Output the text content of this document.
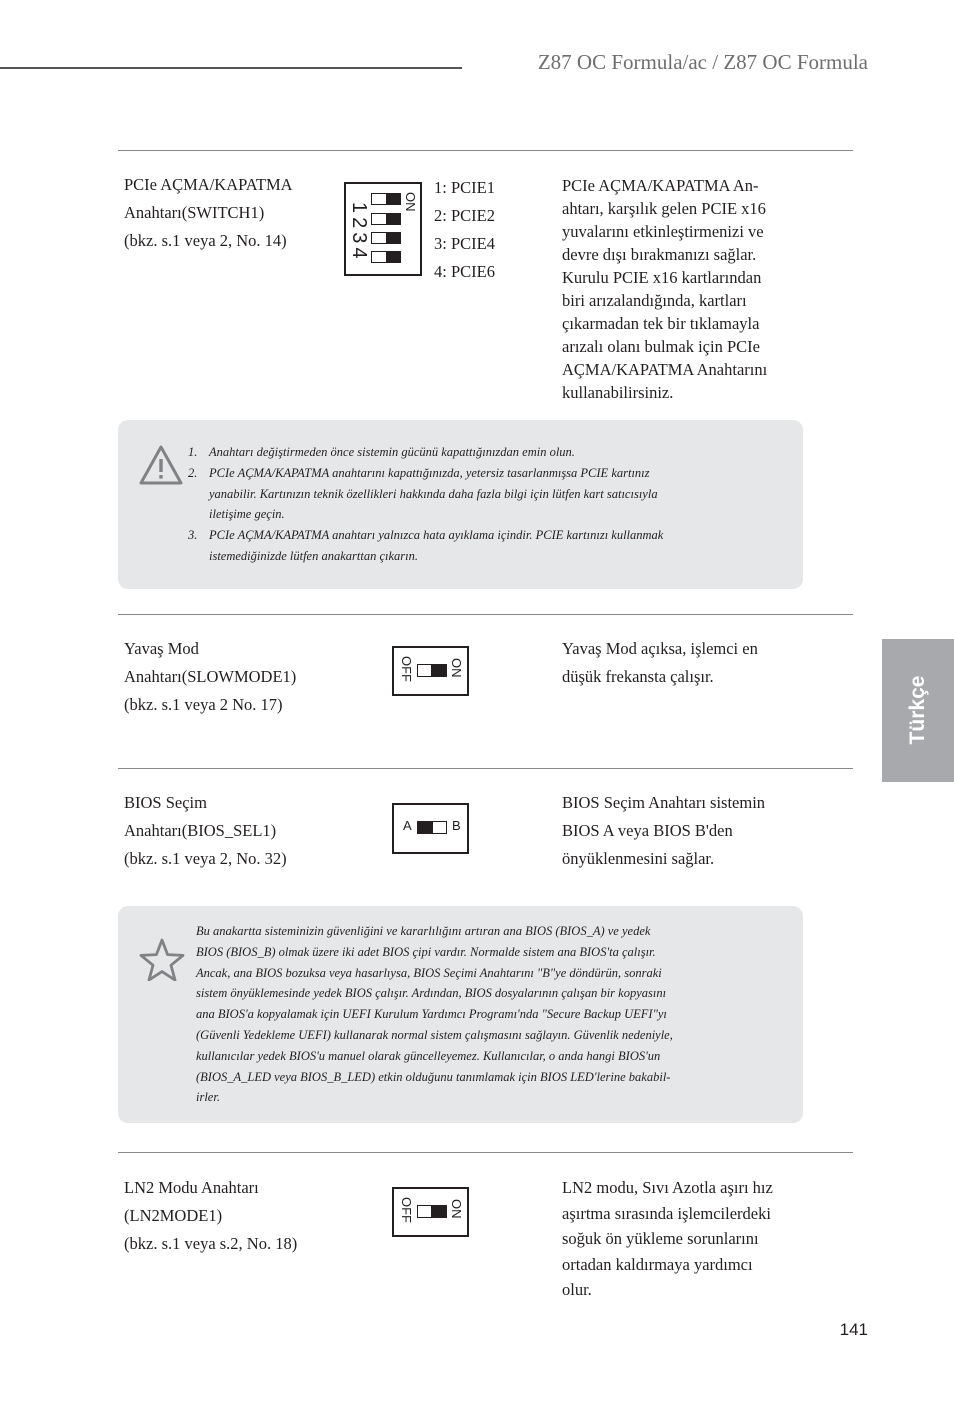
Z87 OC Formula/ac / Z87 OC Formula
PCIe AÇMA/KAPATMA
Anahtarı(SWITCH1)
(bkz. s.1 veya 2, No. 14)
1234
ON
1: PCIE1
2: PCIE2
3: PCIE4
4: PCIE6
PCIe AÇMA/KAPATMA An-
ahtarı, karşılık gelen PCIE x16
yuvalarını etkinleştirmenizi ve
devre dışı bırakmanızı sağlar.
Kurulu PCIE x16 kartlarından
biri arızalandığında, kartları
çıkarmadan tek bir tıklamayla
arızalı olanı bulmak için PCIe
AÇMA/KAPATMA Anahtarını
kullanabilirsiniz.
1. Anahtarı değiştirmeden önce sistemin gücünü kapattığınızdan emin olun.
2. PCIe AÇMA/KAPATMA anahtarını kapattığınızda, yetersiz tasarlanmışsa PCIE kartınız
yanabilir. Kartınızın teknik özellikleri hakkında daha fazla bilgi için lütfen kart satıcısıyla
iletişime geçin.
3. PCIe AÇMA/KAPATMA anahtarı yalnızca hata ayıklama içindir. PCIE kartınızı kullanmak
istemediğinizde lütfen anakarttan çıkarın.
Yavaş Mod
Anahtarı(SLOWMODE1)
(bkz. s.1 veya 2 No. 17)
OFF	ON
Yavaş Mod açıksa, işlemci en
düşük frekansta çalışır.	Türkçe
BIOS Seçim
Anahtarı(BIOS_SEL1)
(bkz. s.1 veya 2, No. 32)
A	B
BIOS Seçim Anahtarı sistemin
BIOS A veya BIOS B'den
önyüklenmesini sağlar.
Bu anakartta sisteminizin güvenliğini ve kararlılığını artıran ana BIOS (BIOS_A) ve yedek
BIOS (BIOS_B) olmak üzere iki adet BIOS çipi vardır. Normalde sistem ana BIOS'ta çalışır.
Ancak, ana BIOS bozuksa veya hasarlıysa, BIOS Seçimi Anahtarını "B"ye döndürün, sonraki
sistem önyüklemesinde yedek BIOS çalışır. Ardından, BIOS dosyalarının çalışan bir kopyasını
ana BIOS'a kopyalamak için UEFI Kurulum Yardımcı Programı'nda "Secure Backup UEFI"yı
(Güvenli Yedekleme UEFI) kullanarak normal sistem çalışmasını sağlayın. Güvenlik nedeniyle,
kullanıcılar yedek BIOS'u manuel olarak güncelleyemez. Kullanıcılar, o anda hangi BIOS'un
(BIOS_A_LED veya BIOS_B_LED) etkin olduğunu tanımlamak için BIOS LED'lerine bakabil-
irler.
LN2 Modu Anahtarı
(LN2MODE1)
(bkz. s.1 veya s.2, No. 18)
OFF	ON
LN2 modu, Sıvı Azotla aşırı hız
aşırtma sırasında işlemcilerdeki
soğuk ön yükleme sorunlarını
ortadan kaldırmaya yardımcı
olur.
141
